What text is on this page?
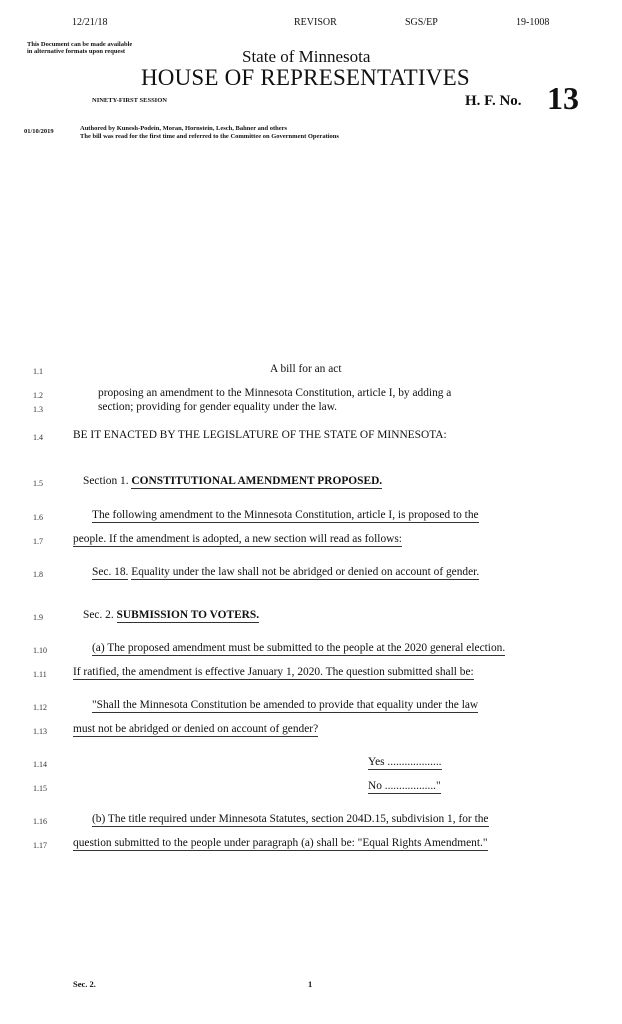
12/21/18	REVISOR	SGS/EP	19-1008
This Document can be made available
in alternative formats upon request	State of Minnesota
HOUSE OF REPRESENTATIVES
NINETY-FIRST SESSION	H. F. No. 13
01/10/2019	Authored by Kunesh-Podein, Moran, Hornstein, Lesch, Bahner and others
The bill was read for the first time and referred to the Committee on Government Operations
1.1	A bill for an act
1.2	proposing an amendment to the Minnesota Constitution, article I, by adding a
1.3	section; providing for gender equality under the law.
1.4	BE IT ENACTED BY THE LEGISLATURE OF THE STATE OF MINNESOTA:
1.5	Section 1. CONSTITUTIONAL AMENDMENT PROPOSED.
1.6	The following amendment to the Minnesota Constitution, article I, is proposed to the
1.7	people. If the amendment is adopted, a new section will read as follows:
1.8	Sec. 18. Equality under the law shall not be abridged or denied on account of gender.
1.9	Sec. 2. SUBMISSION TO VOTERS.
1.10	(a) The proposed amendment must be submitted to the people at the 2020 general election.
1.11 If ratified, the amendment is effective January 1, 2020. The question submitted shall be:
1.12	"Shall the Minnesota Constitution be amended to provide that equality under the law
1.13 must not be abridged or denied on account of gender?
1.14	Yes ...................
1.15	No .................."
1.16	(b) The title required under Minnesota Statutes, section 204D.15, subdivision 1, for the
1.17 question submitted to the people under paragraph (a) shall be: "Equal Rights Amendment."
Sec. 2.	1
